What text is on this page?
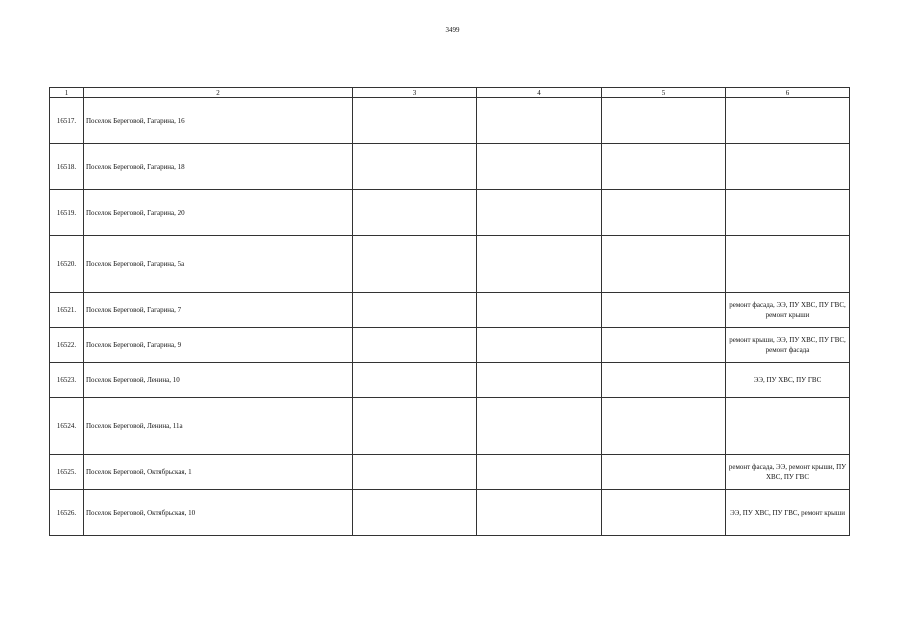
3499
1	2	3	4	5	6
16517.	Поселок Береговой, Гагарина, 16				
16518.	Поселок Береговой, Гагарина, 18				
16519.	Поселок Береговой, Гагарина, 20				
16520.	Поселок Береговой, Гагарина, 5а				
16521.	Поселок Береговой, Гагарина, 7				ремонт фасада, ЭЭ, ПУ ХВС, ПУ ГВС, ремонт крыши
16522.	Поселок Береговой, Гагарина, 9				ремонт крыши, ЭЭ, ПУ ХВС, ПУ ГВС, ремонт фасада
16523.	Поселок Береговой, Ленина, 10				ЭЭ, ПУ ХВС, ПУ ГВС
16524.	Поселок Береговой, Ленина, 11а				
16525.	Поселок Береговой, Октябрьская, 1				ремонт фасада, ЭЭ, ремонт крыши, ПУ ХВС, ПУ ГВС
16526.	Поселок Береговой, Октябрьская, 10				ЭЭ, ПУ ХВС, ПУ ГВС, ремонт крыши
